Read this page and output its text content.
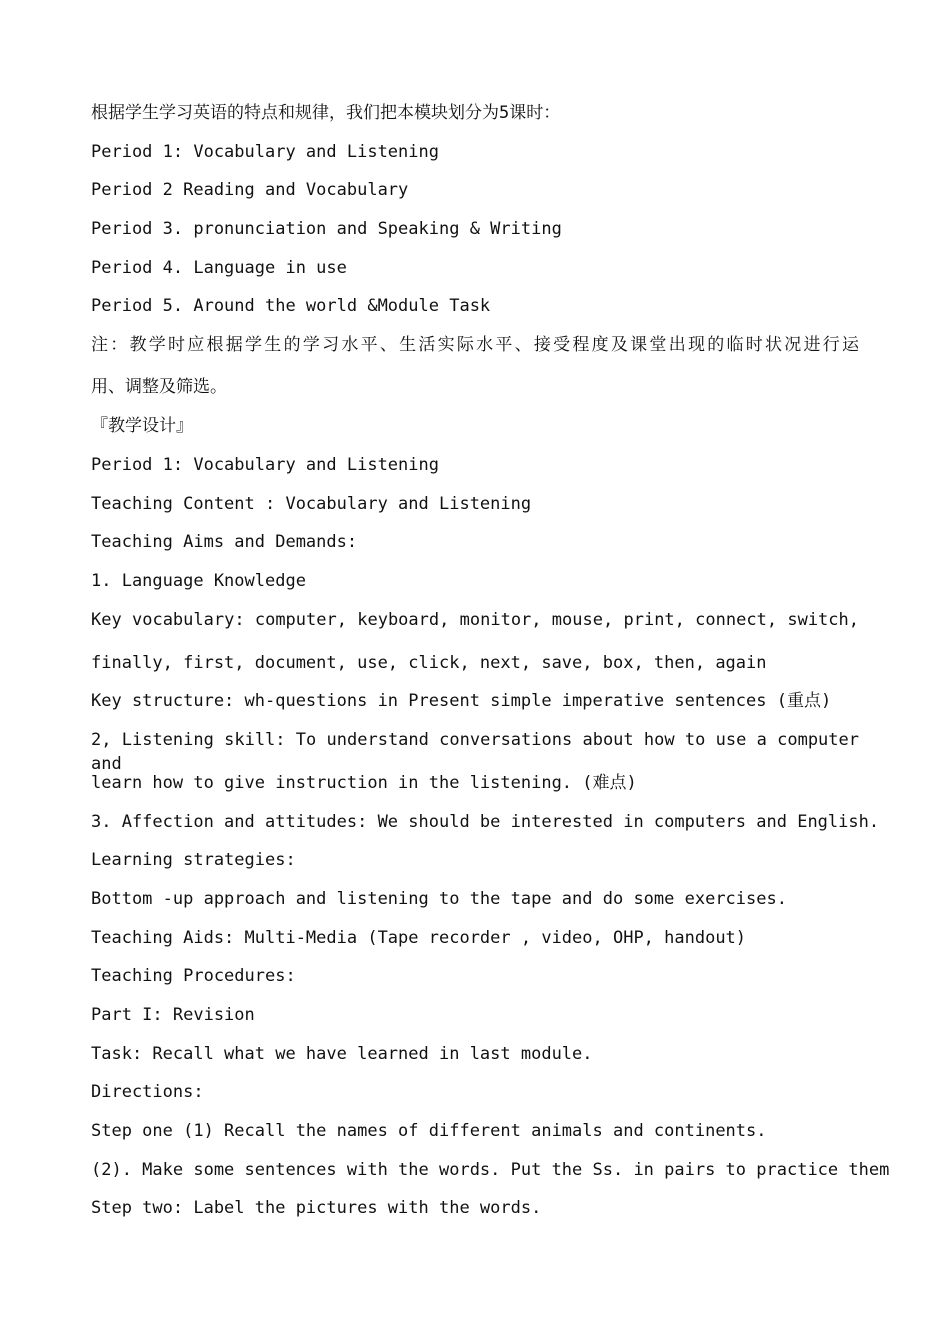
根据学生学习英语的特点和规律，我们把本模块划分为5课时：
Period 1: Vocabulary and Listening
Period 2 Reading and Vocabulary
Period 3. pronunciation and Speaking & Writing
Period 4. Language in use
Period 5. Around the world &Module Task
注：教学时应根据学生的学习水平、生活实际水平、接受程度及课堂出现的临时状况进行运
用、调整及筛选。
『教学设计』
Period 1: Vocabulary and Listening
Teaching Content : Vocabulary and Listening
Teaching Aims and Demands:
1. Language Knowledge
Key vocabulary: computer, keyboard, monitor, mouse, print, connect, switch,
finally, first, document, use, click, next, save, box, then, again
Key structure: wh-questions in Present simple imperative sentences (重点)
2, Listening skill: To understand conversations about how to use a computer and
learn how to give instruction in the listening. (难点)
3. Affection and attitudes: We should be interested in computers and English.
Learning strategies:
Bottom -up approach and listening to the tape and do some exercises.
Teaching Aids: Multi-Media (Tape recorder , video, OHP, handout)
Teaching Procedures:
Part I: Revision
Task: Recall what we have learned in last module.
Directions:
Step one (1) Recall the names of different animals and continents.
(2). Make some sentences with the words. Put the Ss. in pairs to practice them
Step two: Label the pictures with the words.
